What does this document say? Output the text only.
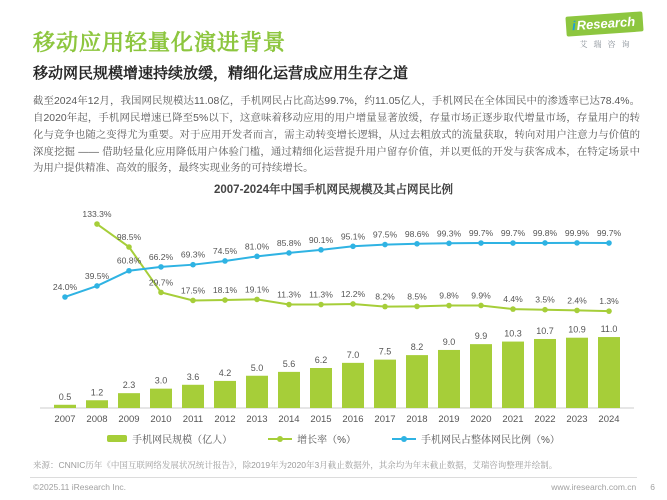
移动应用轻量化演进背景
iResearch
艾瑞咨询
移动网民规模增速持续放缓，精细化运营成应用生存之道
截至2024年12月，我国网民规模达11.08亿，手机网民占比高达99.7%，约11.05亿人，手机网民在全体国民中的渗透率已达78.4%。自2020年起，手机网民增速已降至5%以下，这意味着移动应用的用户增量显著放缓，存量市场正逐步取代增量市场，存量用户的转化与竞争也随之变得尤为重要。对于应用开发者而言，需主动转变增长逻辑，从过去粗放式的流量获取，转向对用户注意力与价值的深度挖掘 —— 借助轻量化应用降低用户体验门槛，通过精细化运营提升用户留存价值，并以更低的开发与获客成本，在特定场景中为用户提供精准、高效的服务，最终实现业务的可持续增长。
2007-2024年中国手机网民规模及其占网民比例
0.5 1.2
2.3 3.0 3.6 4.2
5.0 5.6 6.2
7.0 7.5 8.2
9.0
9.9 10.3 10.7 10.9 11.0
2007 2008 2009 2010 2011 2012 2013 2014 2015 2016 2017 2018 2019 2020 2021 2022 2023 2024
133.3%
98.5%
29.7%
17.5% 18.1% 19.1%
11.3% 11.3% 12.2% 8.2% 8.5% 9.8% 9.9% 4.4% 3.5% 2.4% 1.3%
24.0%
39.5%
60.8% 66.2% 69.3% 74.5% 81.0% 85.8% 90.1% 95.1% 97.5% 98.6% 99.3% 99.7% 99.7% 99.8% 99.9% 99.7%
手机网民规模（亿人）	增长率（%）	手机网民占整体网民比例（%）
来源：CNNIC历年《中国互联网络发展状况统计报告》，除2019年为2020年3月截止数据外，其余均为年末截止数据，艾瑞咨询整理并绘制。
©2025.11 iResearch Inc.	www.iresearch.com.cn 6
